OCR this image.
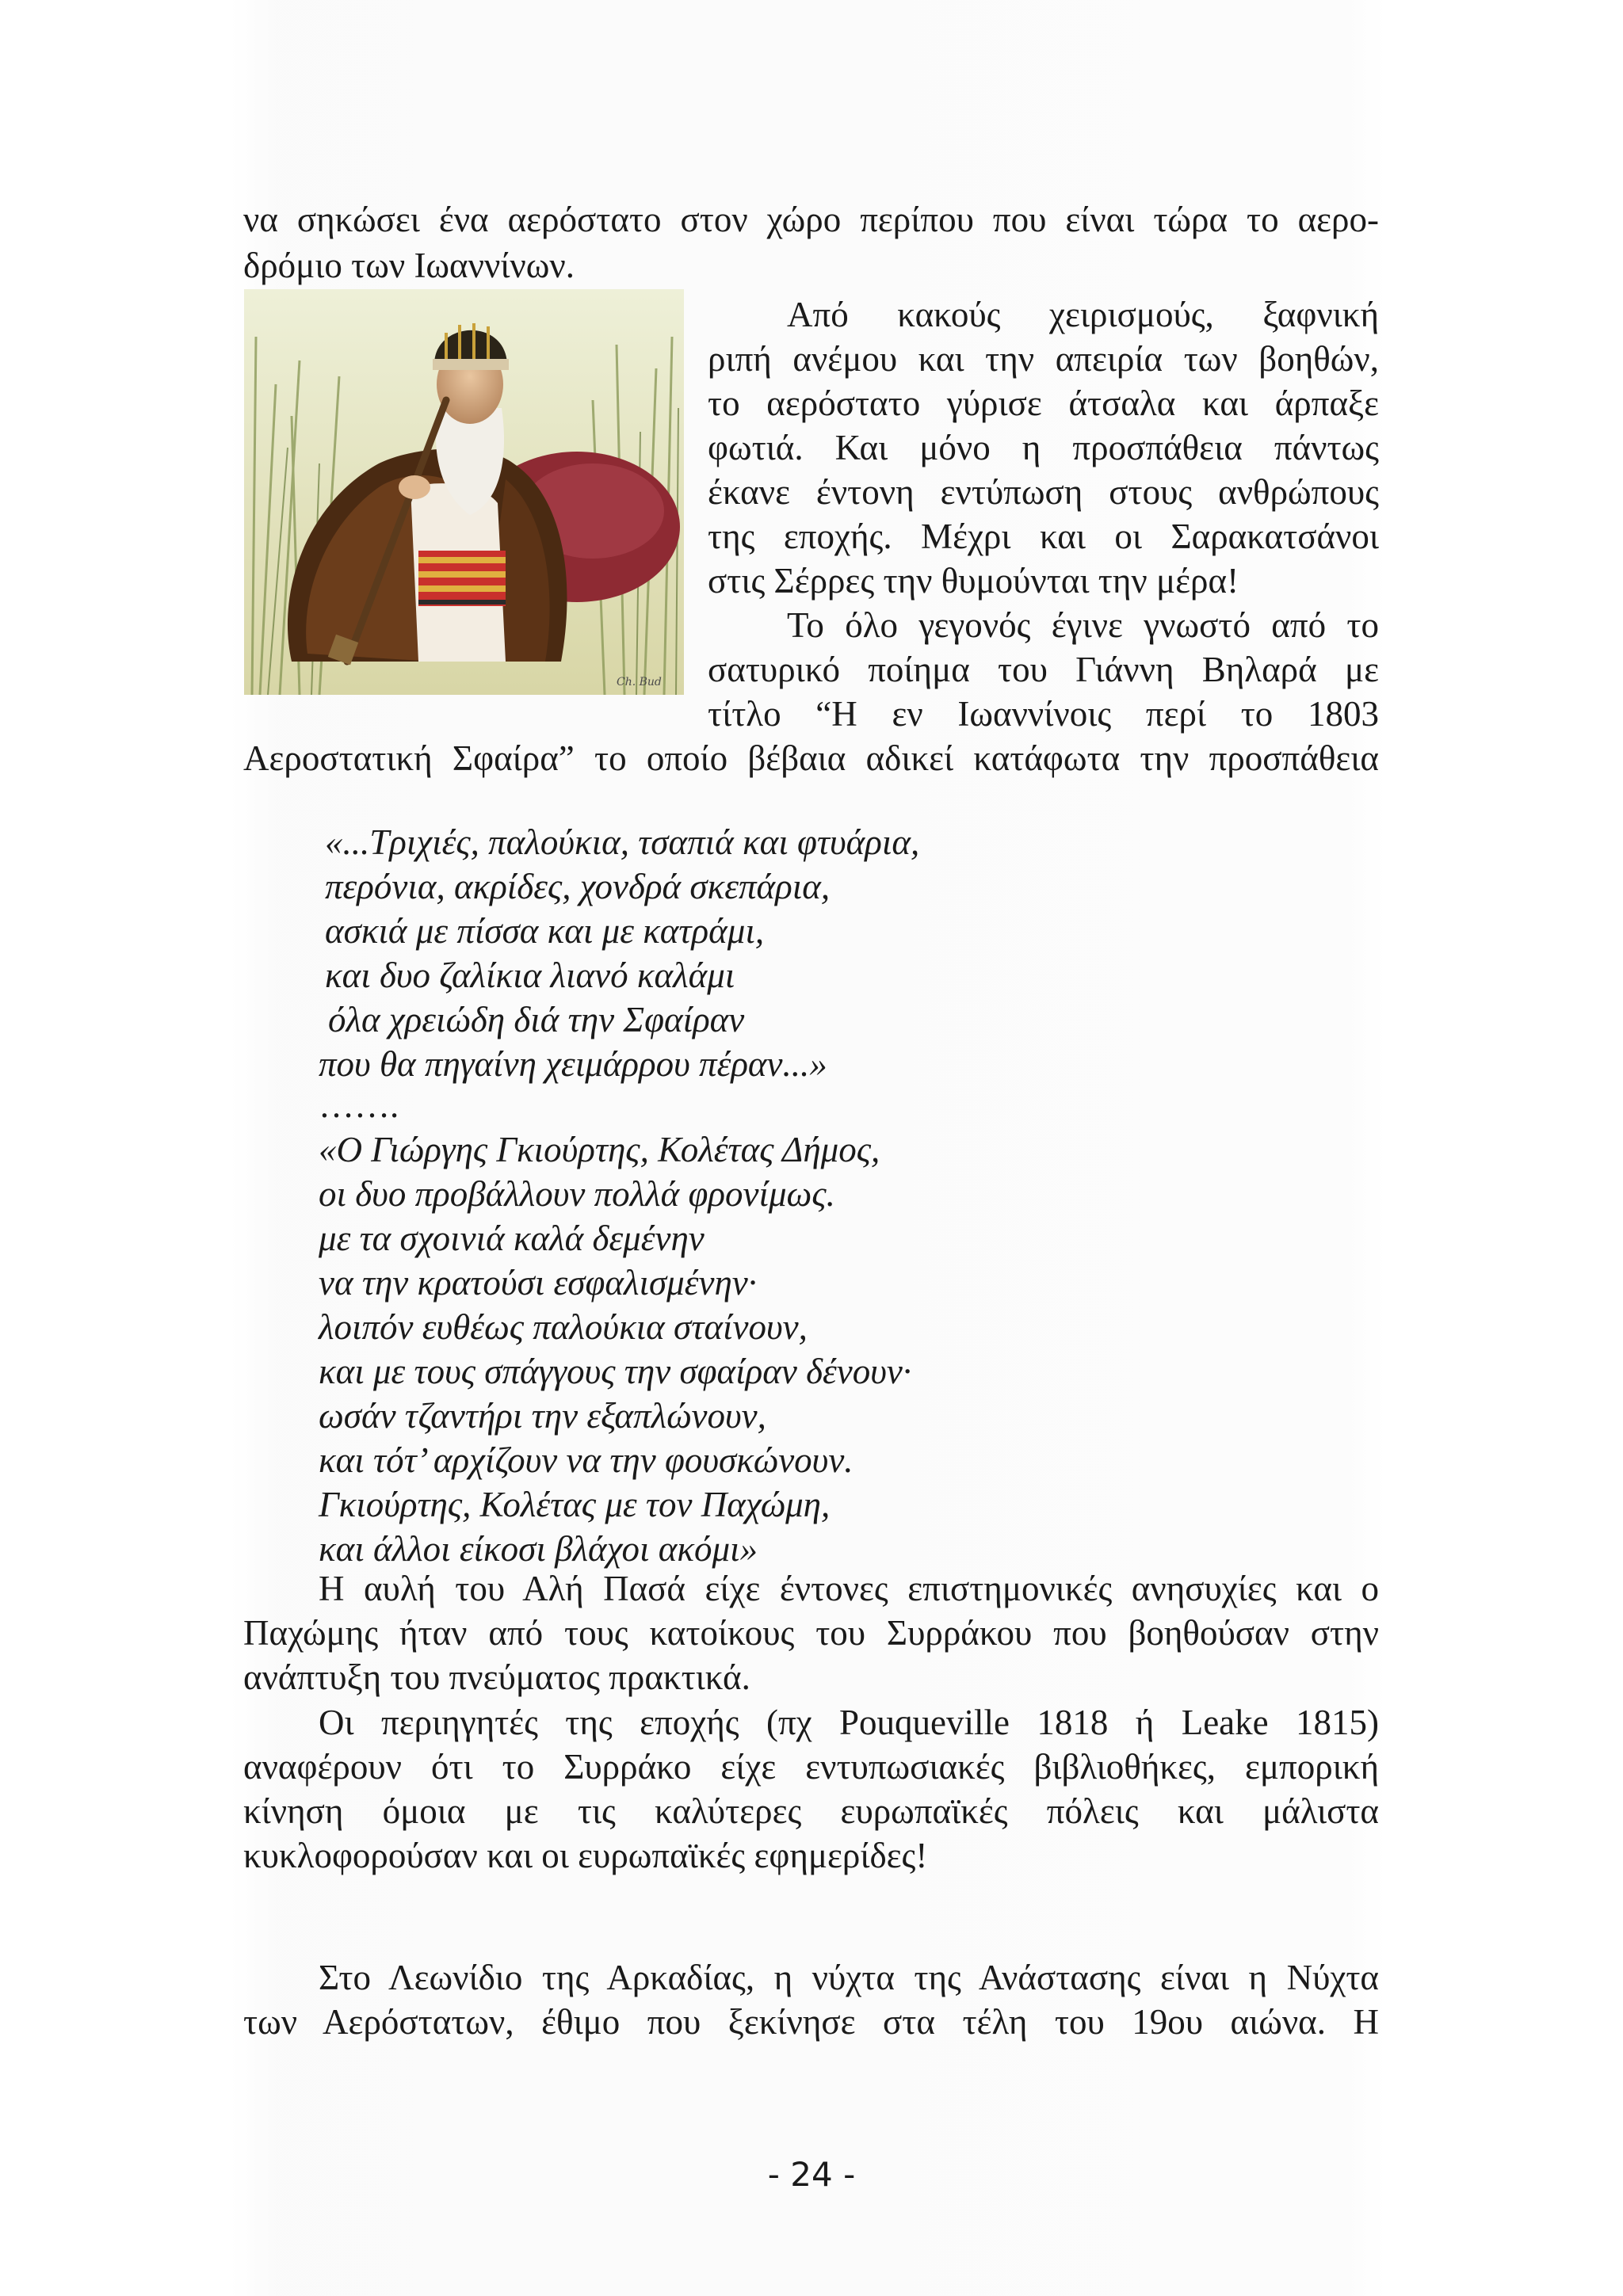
να σηκώσει ένα αερόστατο στον χώρο περίπου που είναι τώρα το αερο-
δρόμιο των Ιωαννίνων.
Ch. Bud
Από κακούς χειρισμούς, ξαφνική
ριπή ανέμου και την απειρία των βοηθών,
το αερόστατο γύρισε άτσαλα και άρπαξε
φωτιά. Και μόνο η προσπάθεια πάντως
έκανε έντονη εντύπωση στους ανθρώπους
της εποχής. Μέχρι και οι Σαρακατσάνοι
στις Σέρρες την θυμούνται την μέρα!
Το όλο γεγονός έγινε γνωστό από το
σατυρικό ποίημα του Γιάννη Βηλαρά με
τίτλο “Η εν Ιωαννίνοις περί το 1803
Αεροστατική Σφαίρα” το οποίο βέβαια αδικεί κατάφωτα την προσπάθεια
«...Τριχιές, παλούκια, τσαπιά και φτυάρια,
περόνια, ακρίδες, χονδρά σκεπάρια,
ασκιά με πίσσα και με κατράμι,
και δυο ζαλίκια λιανό καλάμι
όλα χρειώδη διά την Σφαίραν
που θα πηγαίνη χειμάρρου πέραν...»
…….
«Ο Γιώργης Γκιούρτης, Κολέτας Δήμος,
οι δυο προβάλλουν πολλά φρονίμως.
με τα σχοινιά καλά δεμένην
να την κρατούσι εσφαλισμένην·
λοιπόν ευθέως παλούκια σταίνουν,
και με τους σπάγγους την σφαίραν δένουν·
ωσάν τζαντήρι την εξαπλώνουν,
και τότ’ αρχίζουν να την φουσκώνουν.
Γκιούρτης, Κολέτας με τον Παχώμη,
και άλλοι είκοσι βλάχοι ακόμι»
Η αυλή του Αλή Πασά είχε έντονες επιστημονικές ανησυχίες και ο
Παχώμης ήταν από τους κατοίκους του Συρράκου που βοηθούσαν στην
ανάπτυξη του πνεύματος πρακτικά.
Οι περιηγητές της εποχής (πχ Pouqueville 1818 ή Leake 1815)
αναφέρουν ότι το Συρράκο είχε εντυπωσιακές βιβλιοθήκες, εμπορική
κίνηση όμοια με τις καλύτερες ευρωπαϊκές πόλεις και μάλιστα
κυκλοφορούσαν και οι ευρωπαϊκές εφημερίδες!
Στο Λεωνίδιο της Αρκαδίας, η νύχτα της Ανάστασης είναι η Νύχτα
των Αερόστατων, έθιμο που ξεκίνησε στα τέλη του 19ου αιώνα. Η
- 24 -
